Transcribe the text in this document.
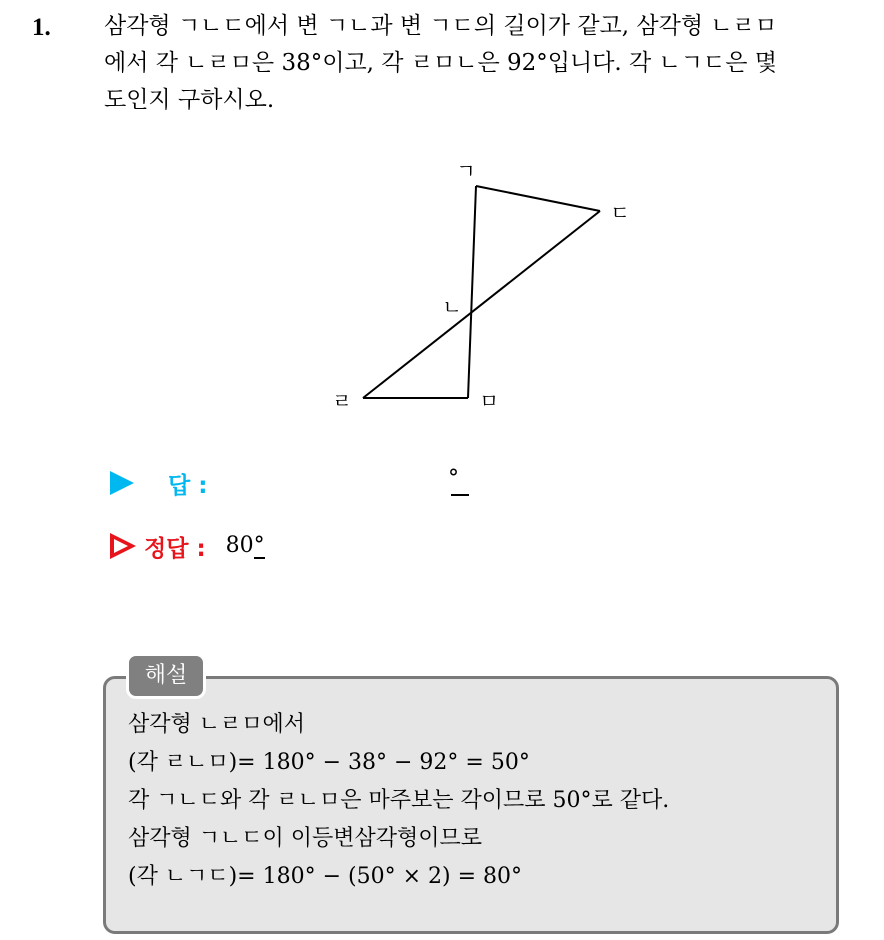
1. 삼각형 ㄱㄴㄷ에서 변 ㄱㄴ과 변 ㄱㄷ의 길이가 같고, 삼각형 ㄴㄹㅁ
에서 각 ㄴㄹㅁ은 38°이고, 각 ㄹㅁㄴ은 92°입니다. 각 ㄴㄱㄷ은 몇
도인지 구하시오.
ㄱ
ㄷ
ㄴ
ㄹ	ㅁ
답 :	°
정답 : 80°
해설
삼각형 ㄴㄹㅁ에서
(각 ㄹㄴㅁ)= 180° − 38° − 92° = 50°
각 ㄱㄴㄷ와 각 ㄹㄴㅁ은 마주보는 각이므로 50°로 같다.
삼각형 ㄱㄴㄷ이 이등변삼각형이므로
(각 ㄴㄱㄷ)= 180° − (50° × 2) = 80°
